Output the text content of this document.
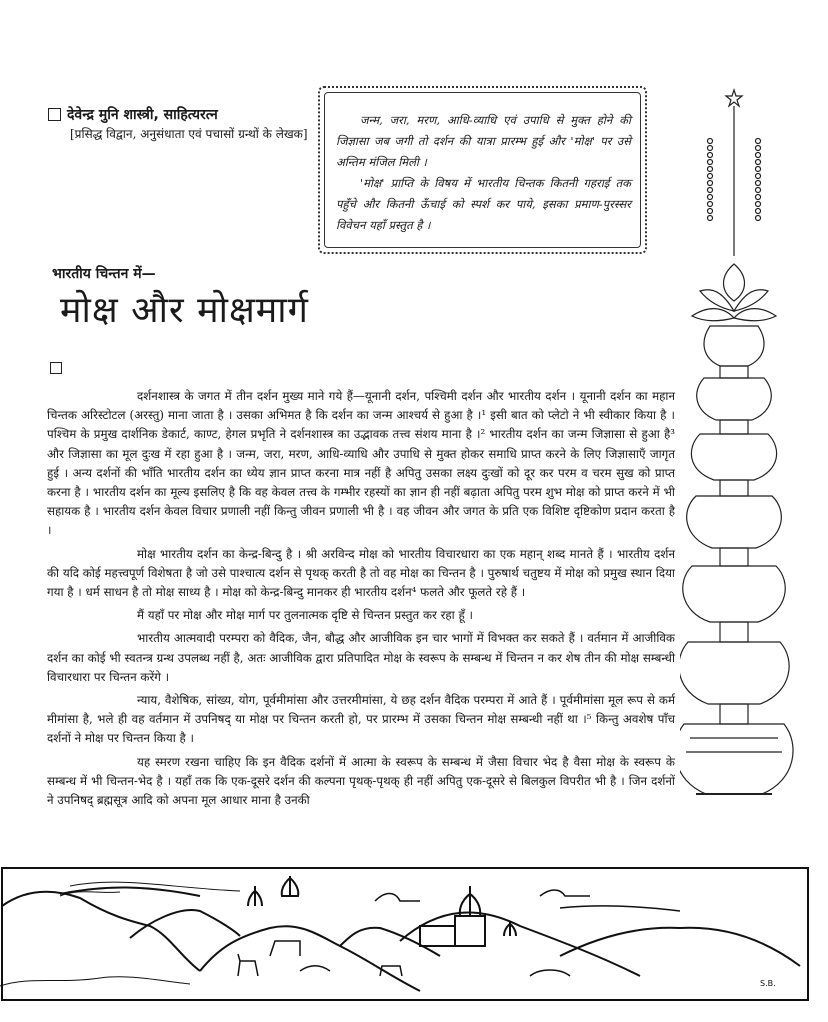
देवेन्द्र मुनि शास्त्री, साहित्यरत्न
[प्रसिद्ध विद्वान, अनुसंधाता एवं पचासों ग्रन्थों के लेखक]

जन्म, जरा, मरण, आधि-व्याधि एवं उपाधि से मुक्त होने की जिज्ञासा जब जगी तो दर्शन की यात्रा प्रारम्भ हुई और 'मोक्ष' पर उसे अन्तिम मंजिल मिली ।

'मोक्ष' प्राप्ति के विषय में भारतीय चिन्तक कितनी गहराई तक पहुँचे और कितनी ऊँचाई को स्पर्श कर पाये, इसका प्रमाण-पुरस्सर विवेचन यहाँ प्रस्तुत है ।

भारतीय चिन्तन में—
मोक्ष और मोक्षमार्ग

दर्शनशास्त्र के जगत में तीन दर्शन मुख्य माने गये हैं—यूनानी दर्शन, पश्चिमी दर्शन और भारतीय दर्शन । यूनानी दर्शन का महान चिन्तक अरिस्टोटल (अरस्तु) माना जाता है । उसका अभिमत है कि दर्शन का जन्म आश्चर्य से हुआ है ।¹ इसी बात को प्लेटो ने भी स्वीकार किया है । पश्चिम के प्रमुख दार्शनिक डेकार्ट, काण्ट, हेगल प्रभृति ने दर्शनशास्त्र का उद्भावक तत्त्व संशय माना है ।² भारतीय दर्शन का जन्म जिज्ञासा से हुआ है³ और जिज्ञासा का मूल दुःख में रहा हुआ है । जन्म, जरा, मरण, आधि-व्याधि और उपाधि से मुक्त होकर समाधि प्राप्त करने के लिए जिज्ञासाएँ जागृत हुई । अन्य दर्शनों की भाँति भारतीय दर्शन का ध्येय ज्ञान प्राप्त करना मात्र नहीं है अपितु उसका लक्ष्य दुःखों को दूर कर परम व चरम सुख को प्राप्त करना है । भारतीय दर्शन का मूल्य इसलिए है कि वह केवल तत्त्व के गम्भीर रहस्यों का ज्ञान ही नहीं बढ़ाता अपितु परम शुभ मोक्ष को प्राप्त करने में भी सहायक है । भारतीय दर्शन केवल विचार प्रणाली नहीं किन्तु जीवन प्रणाली भी है । वह जीवन और जगत के प्रति एक विशिष्ट दृष्टिकोण प्रदान करता है ।

मोक्ष भारतीय दर्शन का केन्द्र-बिन्दु है । श्री अरविन्द मोक्ष को भारतीय विचारधारा का एक महान् शब्द मानते हैं । भारतीय दर्शन की यदि कोई महत्त्वपूर्ण विशेषता है जो उसे पाश्चात्य दर्शन से पृथक् करती है तो वह मोक्ष का चिन्तन है । पुरुषार्थ चतुष्टय में मोक्ष को प्रमुख स्थान दिया गया है । धर्म साधन है तो मोक्ष साध्य है । मोक्ष को केन्द्र-बिन्दु मानकर ही भारतीय दर्शन⁴ फलते और फूलते रहे हैं ।

मैं यहाँ पर मोक्ष और मोक्ष मार्ग पर तुलनात्मक दृष्टि से चिन्तन प्रस्तुत कर रहा हूँ ।

भारतीय आत्मवादी परम्परा को वैदिक, जैन, बौद्ध और आजीविक इन चार भागों में विभक्त कर सकते हैं । वर्तमान में आजीविक दर्शन का कोई भी स्वतन्त्र ग्रन्थ उपलब्ध नहीं है, अतः आजीविक द्वारा प्रतिपादित मोक्ष के स्वरूप के सम्बन्ध में चिन्तन न कर शेष तीन की मोक्ष सम्बन्धी विचारधारा पर चिन्तन करेंगे ।

न्याय, वैशेषिक, सांख्य, योग, पूर्वमीमांसा और उत्तरमीमांसा, ये छह दर्शन वैदिक परम्परा में आते हैं । पूर्वमीमांसा मूल रूप से कर्म मीमांसा है, भले ही वह वर्तमान में उपनिषद् या मोक्ष पर चिन्तन करती हो, पर प्रारम्भ में उसका चिन्तन मोक्ष सम्बन्धी नहीं था ।⁵ किन्तु अवशेष पाँच दर्शनों ने मोक्ष पर चिन्तन किया है ।

यह स्मरण रखना चाहिए कि इन वैदिक दर्शनों में आत्मा के स्वरूप के सम्बन्ध में जैसा विचार भेद है वैसा मोक्ष के स्वरूप के सम्बन्ध में भी चिन्तन-भेद है । यहाँ तक कि एक-दूसरे दर्शन की कल्पना पृथक्-पृथक् ही नहीं अपितु एक-दूसरे से बिलकुल विपरीत भी है । जिन दर्शनों ने उपनिषद् ब्रह्मसूत्र आदि को अपना मूल आधार माना है उनकी

S.B.
